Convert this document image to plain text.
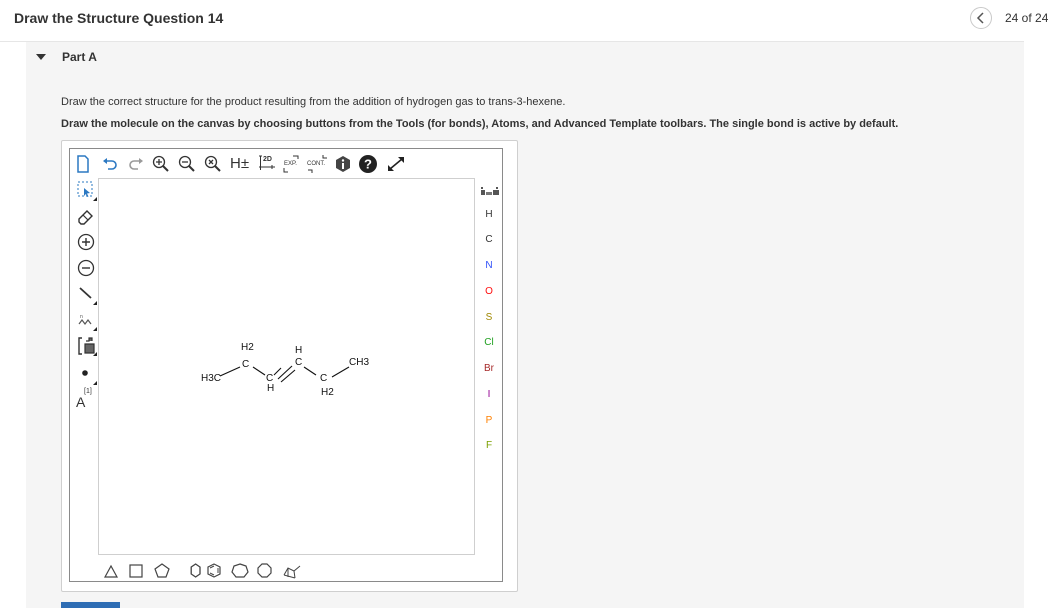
Draw the Structure Question 14	24 of 24
Part A
Draw the correct structure for the product resulting from the addition of hydrogen gas to trans-3-hexene.
Draw the molecule on the canvas by choosing buttons from the Tools (for bonds), Atoms, and Advanced Template toolbars. The single bond is active by default.
H± 2D
EXP. CONT.	?
n
[1]
A
H3C
H2
C
C
H
H
C
C
H2
CH3
H
C
N
O
S
Cl
Br
I
P
F
